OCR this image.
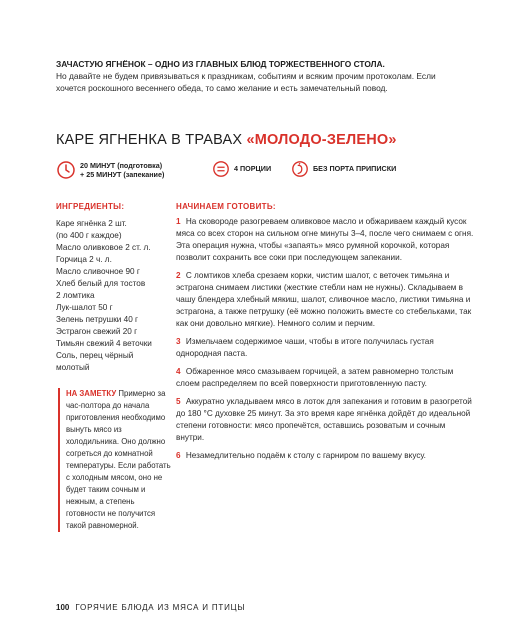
ЗАЧАСТУЮ ЯГНЁНОК – ОДНО ИЗ ГЛАВНЫХ БЛЮД ТОРЖЕСТВЕННОГО СТОЛА.
Но давайте не будем привязываться к праздникам, событиям и всяким прочим протоколам. Если хочется роскошного весеннего обеда, то само желание и есть замечательный повод.
КАРЕ ЯГНЕНКА В ТРАВАХ «МОЛОДО-ЗЕЛЕНО»
20 МИНУТ (подготовка)
+ 25 МИНУТ (запекание)
4 ПОРЦИИ	БЕЗ ПОРТА ПРИПИСКИ
ИНГРЕДИЕНТЫ:
Каре ягнёнка 2 шт.
(по 400 г каждое)
Масло оливковое 2 ст. л.
Горчица 2 ч. л.
Масло сливочное 90 г
Хлеб белый для тостов
2 ломтика
Лук-шалот 50 г
Зелень петрушки 40 г
Эстрагон свежий 20 г
Тимьян свежий 4 веточки
Соль, перец чёрный
молотый
НА ЗАМЕТКУ Примерно за час-полтора до начала приготовления необходимо вынуть мясо из холодильника. Оно должно согреться до комнатной температуры. Если работать с холодным мясом, оно не будет таким сочным и нежным, а степень готовности не получится такой равномерной.
НАЧИНАЕМ ГОТОВИТЬ:

1 На сковороде разогреваем оливковое масло и обжариваем каждый кусок мяса со всех сторон на сильном огне минуты 3–4, после чего снимаем с огня. Эта операция нужна, чтобы «запаять» мясо румяной корочкой, которая позволит сохранить все соки при последующем запекании.

2 С ломтиков хлеба срезаем корки, чистим шалот, с веточек тимьяна и эстрагона снимаем листики (жесткие стебли нам не нужны). Складываем в чашу блендера хлебный мякиш, шалот, сливочное масло, листики тимьяна и эстрагона, а также петрушку (её можно положить вместе со стебельками, так как они довольно мягкие). Немного солим и перчим.

3 Измельчаем содержимое чаши, чтобы в итоге получилась густая однородная паста.

4 Обжаренное мясо смазываем горчицей, а затем равномерно толстым слоем распределяем по всей поверхности приготовленную пасту.

5 Аккуратно укладываем мясо в лоток для запекания и готовим в разогретой до 180 °С духовке 25 минут. За это время каре ягнёнка дойдёт до идеальной степени готовности: мясо пропечётся, оставшись розоватым и сочным внутри.

6 Незамедлительно подаём к столу с гарниром по вашему вкусу.

100 ГОРЯЧИЕ БЛЮДА ИЗ МЯСА И ПТИЦЫ
